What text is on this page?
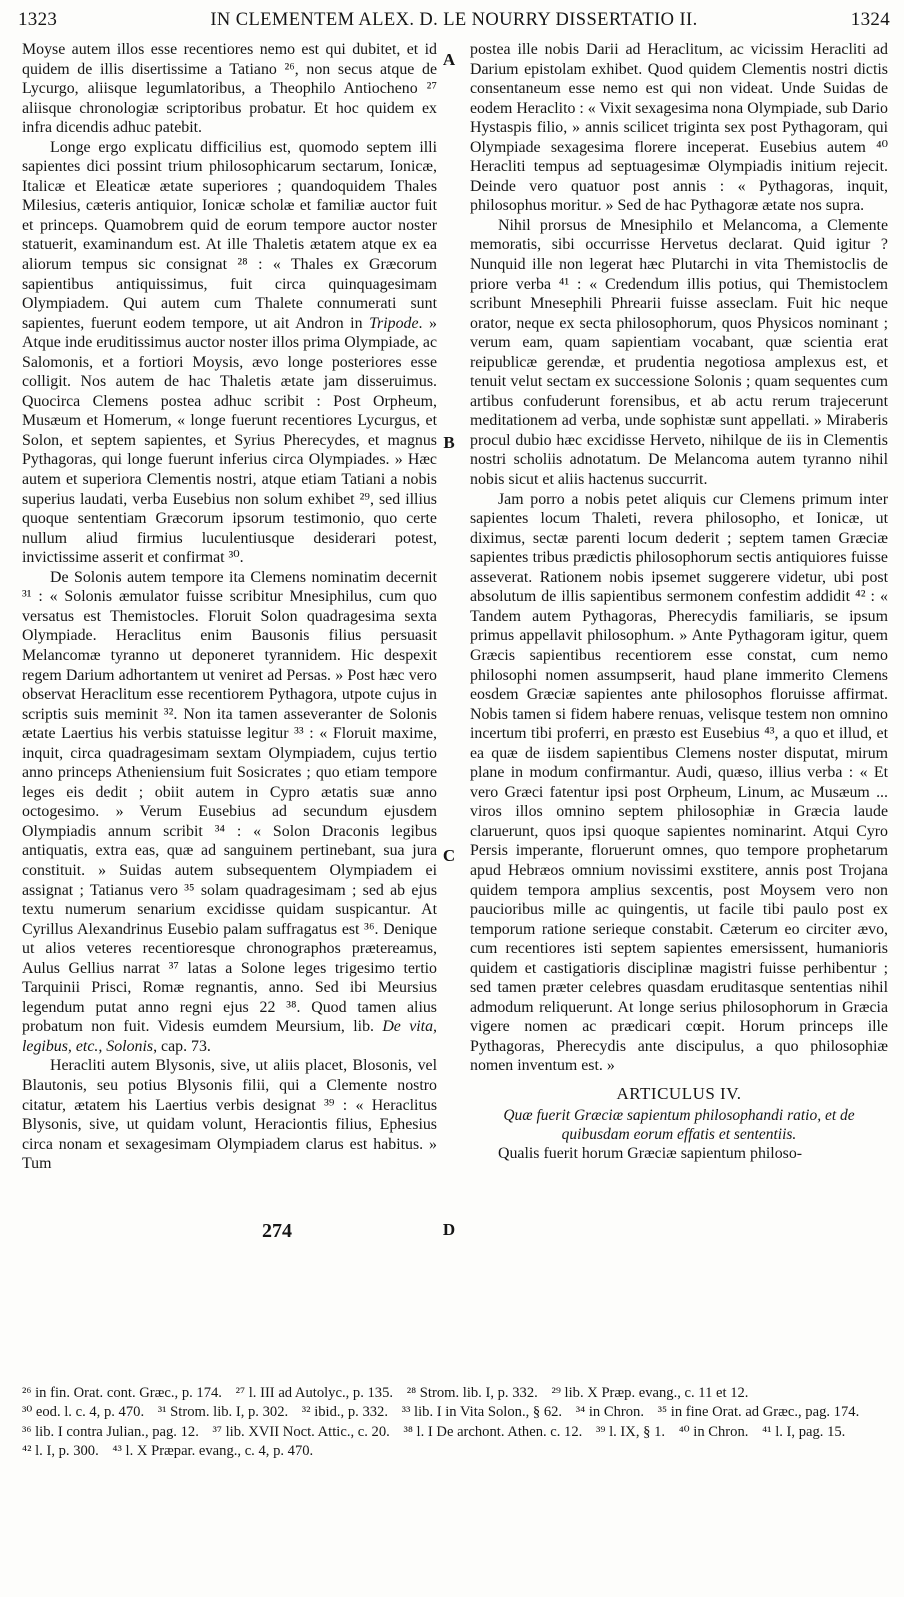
1323	IN CLEMENTEM ALEX. D. LE NOURRY DISSERTATIO II.	1324
A
B
C
D

Moyse autem illos esse recentiores nemo est qui dubitet, et id quidem de illis disertissime a Tatiano ²⁶, non secus atque de Lycurgo, aliisque legumlatoribus, a Theophilo Antiocheno ²⁷ aliisque chronologiæ scriptoribus probatur. Et hoc quidem ex infra dicendis adhuc patebit.

Longe ergo explicatu difficilius est, quomodo septem illi sapientes dici possint trium philosophicarum sectarum, Ionicæ, Italicæ et Eleaticæ ætate superiores ; quandoquidem Thales Milesius, cæteris antiquior, Ionicæ scholæ et familiæ auctor fuit et princeps. Quamobrem quid de eorum tempore auctor noster statuerit, examinandum est. At ille Thaletis ætatem atque ex ea aliorum tempus sic consignat ²⁸ : « Thales ex Græcorum sapientibus antiquissimus, fuit circa quinquagesimam Olympiadem. Qui autem cum Thalete connumerati sunt sapientes, fuerunt eodem tempore, ut ait Andron in Tripode. » Atque inde eruditissimus auctor noster illos prima Olympiade, ac Salomonis, et a fortiori Moysis, ævo longe posteriores esse colligit. Nos autem de hac Thaletis ætate jam disseruimus. Quocirca Clemens postea adhuc scribit : Post Orpheum, Musæum et Homerum, « longe fuerunt recentiores Lycurgus, et Solon, et septem sapientes, et Syrius Pherecydes, et magnus Pythagoras, qui longe fuerunt inferius circa Olympiades. » Hæc autem et superiora Clementis nostri, atque etiam Tatiani a nobis superius laudati, verba Eusebius non solum exhibet ²⁹, sed illius quoque sententiam Græcorum ipsorum testimonio, quo certe nullum aliud firmius luculentiusque desiderari potest, invictissime asserit et confirmat ³⁰.

De Solonis autem tempore ita Clemens nominatim decernit ³¹ : « Solonis æmulator fuisse scribitur Mnesiphilus, cum quo versatus est Themistocles. Floruit Solon quadragesima sexta Olympiade. Heraclitus enim Bausonis filius persuasit Melancomæ tyranno ut deponeret tyrannidem. Hic despexit regem Darium adhortantem ut veniret ad Persas. » Post hæc vero observat Heraclitum esse recentiorem Pythagora, utpote cujus in scriptis suis meminit ³². Non ita tamen asseveranter de Solonis ætate Laertius his verbis statuisse legitur ³³ : « Floruit maxime, inquit, circa quadragesimam sextam Olympiadem, cujus tertio anno princeps Atheniensium fuit Sosicrates ; quo etiam tempore leges eis dedit ; obiit autem in Cypro ætatis suæ anno octogesimo. » Verum Eusebius ad secundum ejusdem Olympiadis annum scribit ³⁴ : « Solon Draconis legibus antiquatis, extra eas, quæ ad sanguinem pertinebant, sua jura constituit. » Suidas autem subsequentem Olympiadem ei assignat ; Tatianus vero ³⁵ solam quadragesimam ; sed ab ejus textu numerum senarium excidisse quidam suspicantur. At Cyrillus Alexandrinus Eusebio palam suffragatus est ³⁶. Denique ut alios veteres recentioresque chronographos prætereamus, Aulus Gellius narrat ³⁷ latas a Solone leges trigesimo tertio Tarquinii Prisci, Romæ regnantis, anno. Sed ibi Meursius legendum putat anno regni ejus 22 ³⁸. Quod tamen alius probatum non fuit. Videsis eumdem Meursium, lib. De vita, legibus, etc., Solonis, cap. 73.

Heracliti autem Blysonis, sive, ut aliis placet, Blosonis, vel Blautonis, seu potius Blysonis filii, qui a Clemente nostro citatur, ætatem his Laertius verbis designat ³⁹ : « Heraclitus Blysonis, sive, ut quidam volunt, Heraciontis filius, Ephesius circa nonam et sexagesimam Olympiadem clarus est habitus. » Tum

274

postea ille nobis Darii ad Heraclitum, ac vicissim Heracliti ad Darium epistolam exhibet. Quod quidem Clementis nostri dictis consentaneum esse nemo est qui non videat. Unde Suidas de eodem Heraclito : « Vixit sexagesima nona Olympiade, sub Dario Hystaspis filio, » annis scilicet triginta sex post Pythagoram, qui Olympiade sexagesima florere inceperat. Eusebius autem ⁴⁰ Heracliti tempus ad septuagesimæ Olympiadis initium rejecit. Deinde vero quatuor post annis : « Pythagoras, inquit, philosophus moritur. » Sed de hac Pythagoræ ætate nos supra.

Nihil prorsus de Mnesiphilo et Melancoma, a Clemente memoratis, sibi occurrisse Hervetus declarat. Quid igitur ? Nunquid ille non legerat hæc Plutarchi in vita Themistoclis de priore verba ⁴¹ : « Credendum illis potius, qui Themistoclem scribunt Mnesephili Phrearii fuisse asseclam. Fuit hic neque orator, neque ex secta philosophorum, quos Physicos nominant ; verum eam, quam sapientiam vocabant, quæ scientia erat reipublicæ gerendæ, et prudentia negotiosa amplexus est, et tenuit velut sectam ex successione Solonis ; quam sequentes cum artibus confuderunt forensibus, et ab actu rerum trajecerunt meditationem ad verba, unde sophistæ sunt appellati. » Miraberis procul dubio hæc excidisse Herveto, nihilque de iis in Clementis nostri scholiis adnotatum. De Melancoma autem tyranno nihil nobis sicut et aliis hactenus succurrit.

Jam porro a nobis petet aliquis cur Clemens primum inter sapientes locum Thaleti, revera philosopho, et Ionicæ, ut diximus, sectæ parenti locum dederit ; septem tamen Græciæ sapientes tribus prædictis philosophorum sectis antiquiores fuisse asseverat. Rationem nobis ipsemet suggerere videtur, ubi post absolutum de illis sapientibus sermonem confestim addidit ⁴² : « Tandem autem Pythagoras, Pherecydis familiaris, se ipsum primus appellavit philosophum. » Ante Pythagoram igitur, quem Græcis sapientibus recentiorem esse constat, cum nemo philosophi nomen assumpserit, haud plane immerito Clemens eosdem Græciæ sapientes ante philosophos floruisse affirmat. Nobis tamen si fidem habere renuas, velisque testem non omnino incertum tibi proferri, en præsto est Eusebius ⁴³, a quo et illud, et ea quæ de iisdem sapientibus Clemens noster disputat, mirum plane in modum confirmantur. Audi, quæso, illius verba : « Et vero Græci fatentur ipsi post Orpheum, Linum, ac Musæum ... viros illos omnino septem philosophiæ in Græcia laude claruerunt, quos ipsi quoque sapientes nominarint. Atqui Cyro Persis imperante, floruerunt omnes, quo tempore prophetarum apud Hebræos omnium novissimi exstitere, annis post Trojana quidem tempora amplius sexcentis, post Moysem vero non paucioribus mille ac quingentis, ut facile tibi paulo post ex temporum ratione serieque constabit. Cæterum eo circiter ævo, cum recentiores isti septem sapientes emersissent, humanioris quidem et castigatioris disciplinæ magistri fuisse perhibentur ; sed tamen præter celebres quasdam eruditasque sententias nihil admodum reliquerunt. At longe serius philosophorum in Græcia vigere nomen ac prædicari cœpit. Horum princeps ille Pythagoras, Pherecydis ante discipulus, a quo philosophiæ nomen inventum est. »

ARTICULUS IV.
Quæ fuerit Græciæ sapientum philosophandi ratio, et de quibusdam eorum effatis et sententiis.

Qualis fuerit horum Græciæ sapientum philoso-

²⁶ in fin. Orat. cont. Græc., p. 174. ²⁷ l. III ad Autolyc., p. 135. ²⁸ Strom. lib. I, p. 332. ²⁹ lib. X Præp. evang., c. 11 et 12. ³⁰ eod. l. c. 4, p. 470. ³¹ Strom. lib. I, p. 302. ³² ibid., p. 332. ³³ lib. I in Vita Solon., § 62. ³⁴ in Chron. ³⁵ in fine Orat. ad Græc., pag. 174. ³⁶ lib. I contra Julian., pag. 12. ³⁷ lib. XVII Noct. Attic., c. 20. ³⁸ l. I De archont. Athen. c. 12. ³⁹ l. IX, § 1. ⁴⁰ in Chron. ⁴¹ l. I, pag. 15. ⁴² l. I, p. 300. ⁴³ l. X Præpar. evang., c. 4, p. 470.
